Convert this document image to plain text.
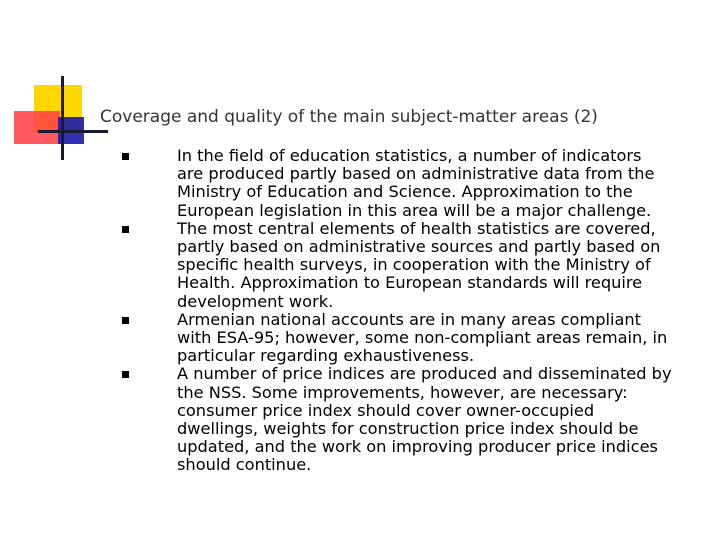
Coverage and quality of the main subject-matter areas (2)
In the field of education statistics, a number of indicators
are produced partly based on administrative data from the
Ministry of Education and Science. Approximation to the
European legislation in this area will be a major challenge.
The most central elements of health statistics are covered,
partly based on administrative sources and partly based on
specific health surveys, in cooperation with the Ministry of
Health. Approximation to European standards will require
development work.
Armenian national accounts are in many areas compliant
with ESA-95; however, some non-compliant areas remain, in
particular regarding exhaustiveness.
A number of price indices are produced and disseminated by
the NSS. Some improvements, however, are necessary:
consumer price index should cover owner-occupied
dwellings, weights for construction price index should be
updated, and the work on improving producer price indices
should continue.
